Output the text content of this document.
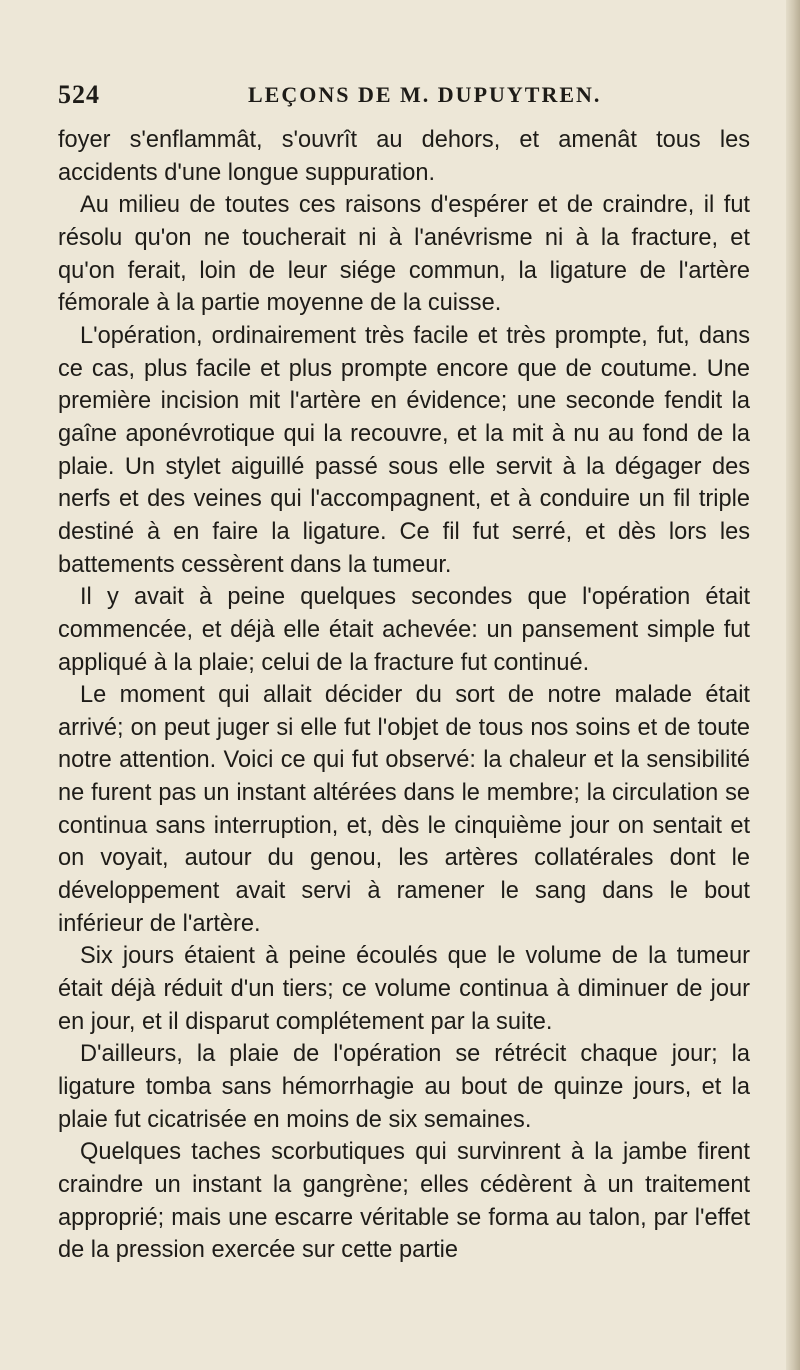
524	LEÇONS DE M. DUPUYTREN.

foyer s'enflammât, s'ouvrît au dehors, et amenât tous les accidents d'une longue suppuration.

Au milieu de toutes ces raisons d'espérer et de craindre, il fut résolu qu'on ne toucherait ni à l'anévrisme ni à la fracture, et qu'on ferait, loin de leur siége commun, la ligature de l'artère fémorale à la partie moyenne de la cuisse.

L'opération, ordinairement très facile et très prompte, fut, dans ce cas, plus facile et plus prompte encore que de coutume. Une première incision mit l'artère en évidence; une seconde fendit la gaîne aponévrotique qui la recouvre, et la mit à nu au fond de la plaie. Un stylet aiguillé passé sous elle servit à la dégager des nerfs et des veines qui l'accompagnent, et à conduire un fil triple destiné à en faire la ligature. Ce fil fut serré, et dès lors les battements cessèrent dans la tumeur.

Il y avait à peine quelques secondes que l'opération était commencée, et déjà elle était achevée: un pansement simple fut appliqué à la plaie; celui de la fracture fut continué.

Le moment qui allait décider du sort de notre malade était arrivé; on peut juger si elle fut l'objet de tous nos soins et de toute notre attention. Voici ce qui fut observé: la chaleur et la sensibilité ne furent pas un instant altérées dans le membre; la circulation se continua sans interruption, et, dès le cinquième jour on sentait et on voyait, autour du genou, les artères collatérales dont le développement avait servi à ramener le sang dans le bout inférieur de l'artère.

Six jours étaient à peine écoulés que le volume de la tumeur était déjà réduit d'un tiers; ce volume continua à diminuer de jour en jour, et il disparut complétement par la suite.

D'ailleurs, la plaie de l'opération se rétrécit chaque jour; la ligature tomba sans hémorrhagie au bout de quinze jours, et la plaie fut cicatrisée en moins de six semaines.

Quelques taches scorbutiques qui survinrent à la jambe firent craindre un instant la gangrène; elles cédèrent à un traitement approprié; mais une escarre véritable se forma au talon, par l'effet de la pression exercée sur cette partie
